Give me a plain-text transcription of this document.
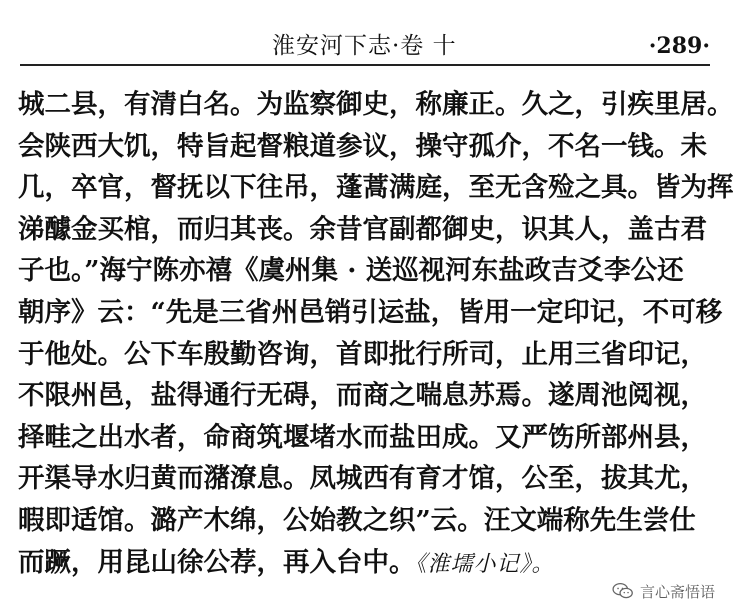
淮安河下志·卷 十	·289·
城二县，有清白名。为监察御史，称廉正。久之，引疾里居。
会陕西大饥，特旨起督粮道参议，操守孤介，不名一钱。未
几，卒官，督抚以下往吊，蓬蒿满庭，至无含殓之具。皆为挥
涕醵金买棺，而归其丧。余昔官副都御史，识其人，盖古君
子也。”海宁陈亦禧《虞州集 · 送巡视河东盐政吉爻李公还
朝序》云：“先是三省州邑销引运盐，皆用一定印记，不可移
于他处。公下车殷勤咨询，首即批行所司，止用三省印记，
不限州邑，盐得通行无碍，而商之喘息苏焉。遂周池阅视，
择畦之出水者，命商筑堰堵水而盐田成。又严饬所部州县，
开渠导水归黄而潴潦息。凤城西有育才馆，公至，拔其尤，
暇即适馆。潞产木绵，公始教之织”云。汪文端称先生尝仕
而蹶，用昆山徐公荐，再入台中。《淮壖小记》。
言心斋悟语
